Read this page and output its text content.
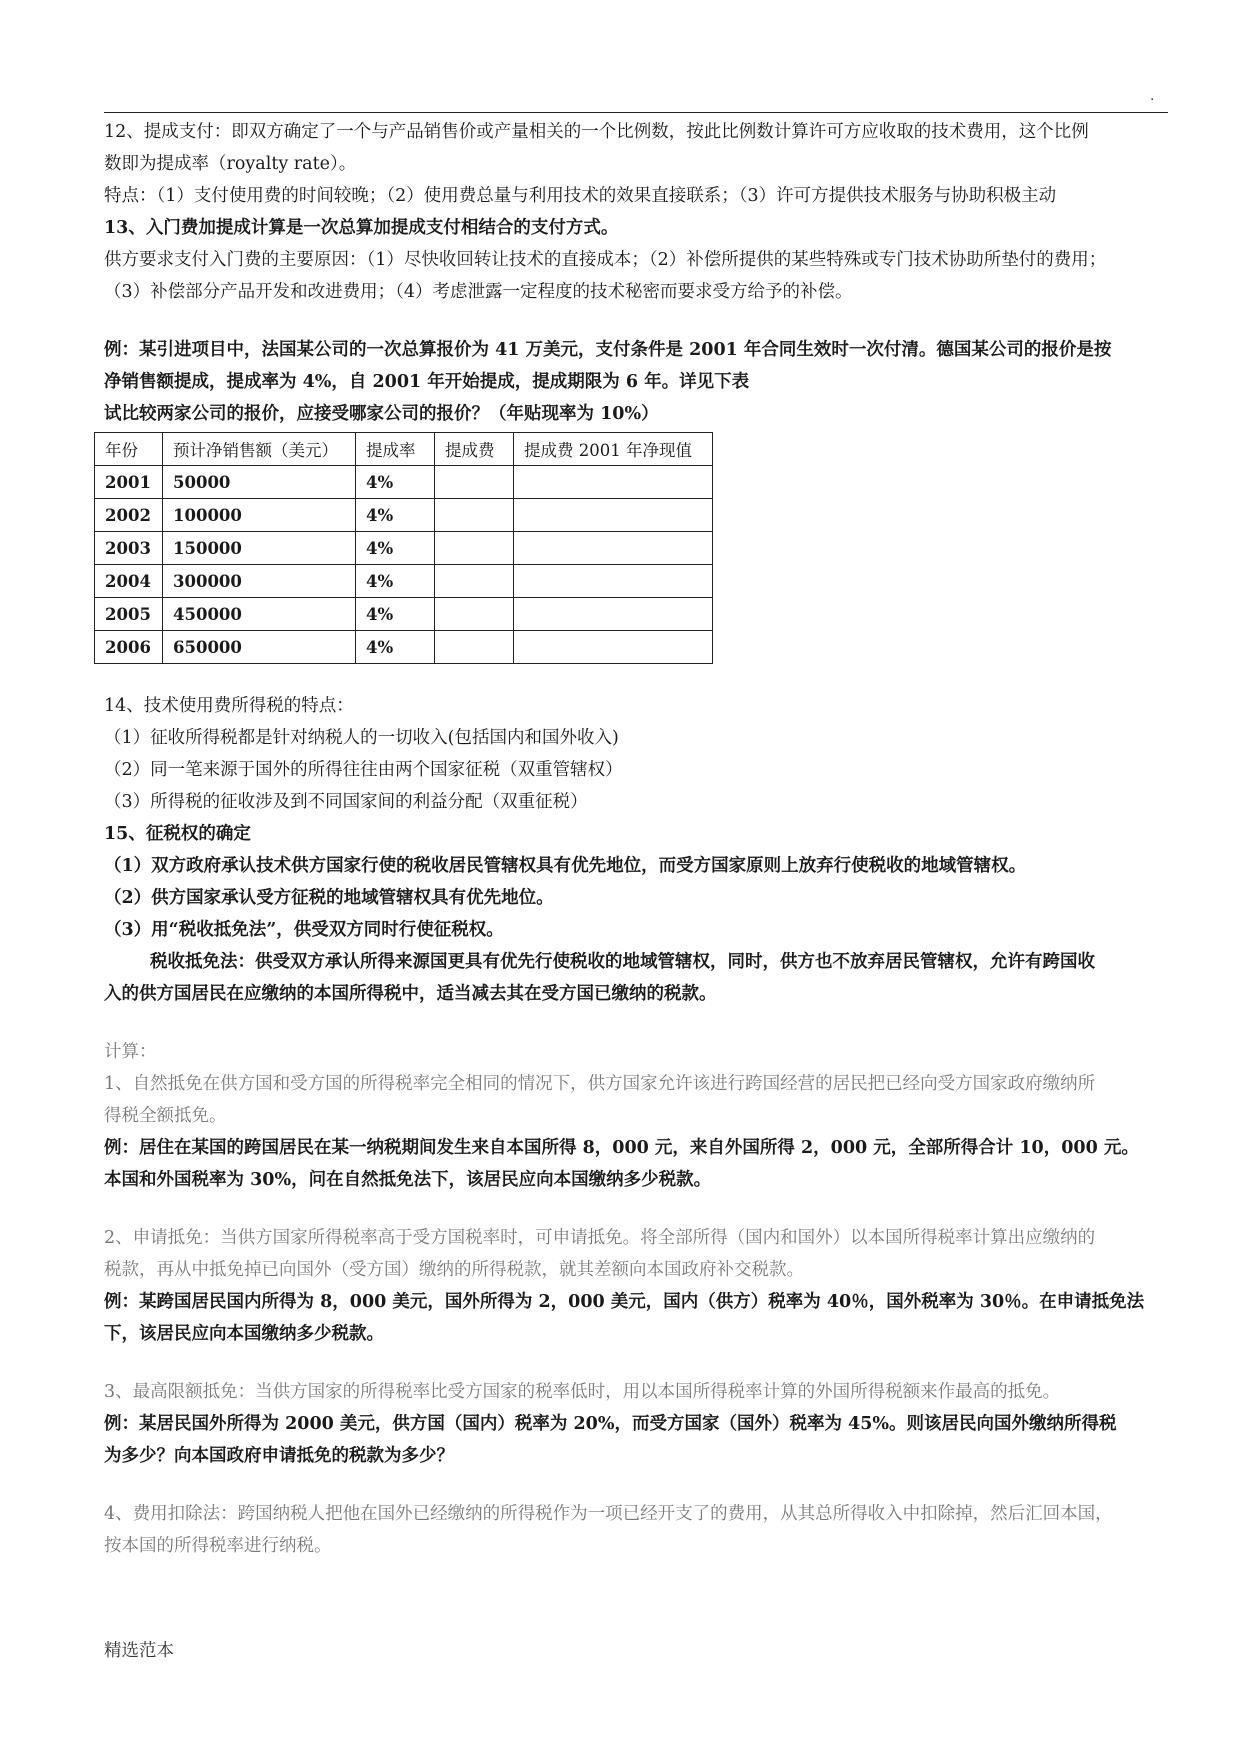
.

12、提成支付：即双方确定了一个与产品销售价或产量相关的一个比例数，按此比例数计算许可方应收取的技术费用，这个比例

数即为提成率（royalty rate）。

特点：（1）支付使用费的时间较晚；（2）使用费总量与利用技术的效果直接联系；（3）许可方提供技术服务与协助积极主动

13、入门费加提成计算是一次总算加提成支付相结合的支付方式。

供方要求支付入门费的主要原因：（1）尽快收回转让技术的直接成本；（2）补偿所提供的某些特殊或专门技术协助所垫付的费用；

（3）补偿部分产品开发和改进费用；（4）考虑泄露一定程度的技术秘密而要求受方给予的补偿。

例：某引进项目中，法国某公司的一次总算报价为 41 万美元，支付条件是 2001 年合同生效时一次付清。德国某公司的报价是按

净销售额提成，提成率为 4%，自 2001 年开始提成，提成期限为 6 年。详见下表

试比较两家公司的报价，应接受哪家公司的报价？（年贴现率为 10%）

年份	预计净销售额（美元）	提成率	提成费	提成费 2001 年净现值
2001	50000	4%		
2002	100000	4%		
2003	150000	4%		
2004	300000	4%		
2005	450000	4%		
2006	650000	4%		

14、技术使用费所得税的特点：

（1）征收所得税都是针对纳税人的一切收入(包括国内和国外收入)

（2）同一笔来源于国外的所得往往由两个国家征税（双重管辖权）

（3）所得税的征收涉及到不同国家间的利益分配（双重征税）

15、征税权的确定

（1）双方政府承认技术供方国家行使的税收居民管辖权具有优先地位，而受方国家原则上放弃行使税收的地域管辖权。

（2）供方国家承认受方征税的地域管辖权具有优先地位。

（3）用“税收抵免法”，供受双方同时行使征税权。

税收抵免法：供受双方承认所得来源国更具有优先行使税收的地域管辖权，同时，供方也不放弃居民管辖权，允许有跨国收

入的供方国居民在应缴纳的本国所得税中，适当减去其在受方国已缴纳的税款。

计算：

1、自然抵免在供方国和受方国的所得税率完全相同的情况下，供方国家允许该进行跨国经营的居民把已经向受方国家政府缴纳所

得税全额抵免。

例：居住在某国的跨国居民在某一纳税期间发生来自本国所得 8，000 元，来自外国所得 2，000 元，全部所得合计 10，000 元。

本国和外国税率为 30%，问在自然抵免法下，该居民应向本国缴纳多少税款。

2、申请抵免：当供方国家所得税率高于受方国税率时，可申请抵免。将全部所得（国内和国外）以本国所得税率计算出应缴纳的

税款，再从中抵免掉已向国外（受方国）缴纳的所得税款，就其差额向本国政府补交税款。

例：某跨国居民国内所得为 8，000 美元，国外所得为 2，000 美元，国内（供方）税率为 40％，国外税率为 30％。在申请抵免法

下，该居民应向本国缴纳多少税款。

3、最高限额抵免：当供方国家的所得税率比受方国家的税率低时，用以本国所得税率计算的外国所得税额来作最高的抵免。

例：某居民国外所得为 2000 美元，供方国（国内）税率为 20%，而受方国家（国外）税率为 45%。则该居民向国外缴纳所得税

为多少？向本国政府申请抵免的税款为多少？

4、费用扣除法：跨国纳税人把他在国外已经缴纳的所得税作为一项已经开支了的费用，从其总所得收入中扣除掉，然后汇回本国，

按本国的所得税率进行纳税。

精选范本
